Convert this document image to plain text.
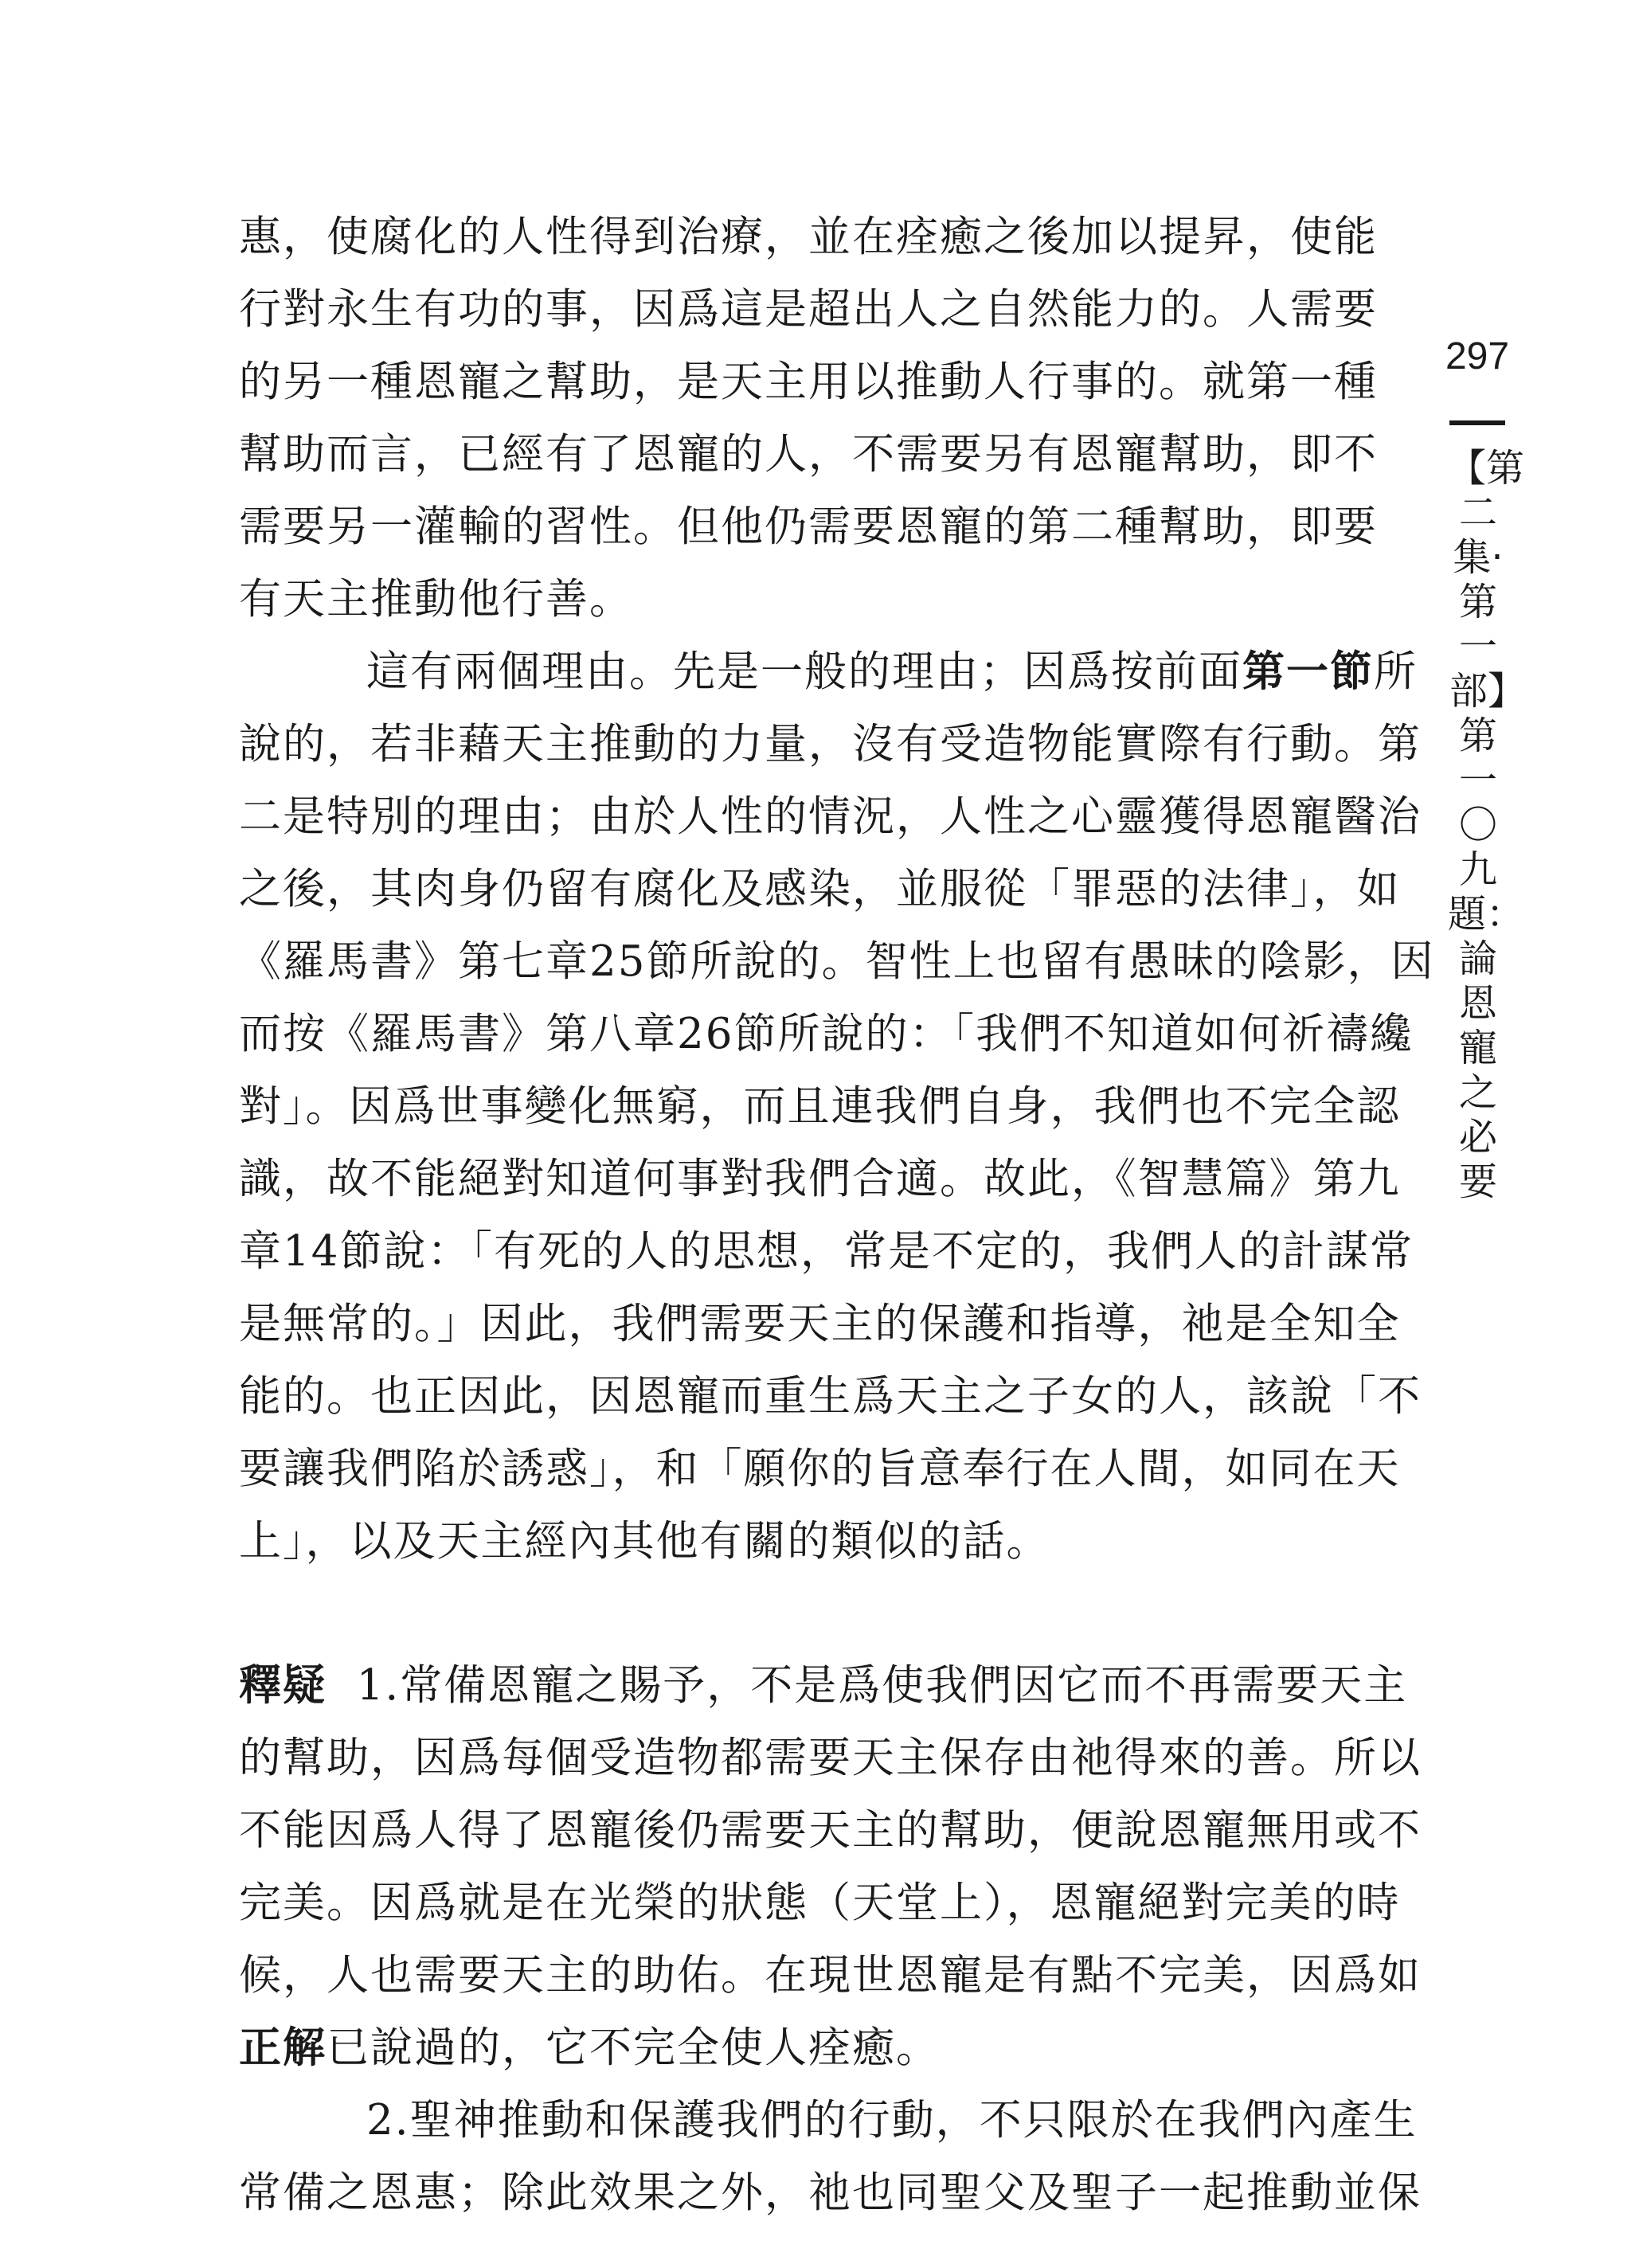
惠，使腐化的人性得到治療，並在痊癒之後加以提昇，使能
行對永生有功的事，因爲這是超出人之自然能力的。人需要
的另一種恩寵之幫助，是天主用以推動人行事的。就第一種
幫助而言，已經有了恩寵的人，不需要另有恩寵幫助，即不
需要另一灌輸的習性。但他仍需要恩寵的第二種幫助，即要
有天主推動他行善。

這有兩個理由。先是一般的理由；因爲按前面第一節所
說的，若非藉天主推動的力量，沒有受造物能實際有行動。第
二是特別的理由；由於人性的情況，人性之心靈獲得恩寵醫治
之後，其肉身仍留有腐化及感染，並服從「罪惡的法律」，如
《羅馬書》第七章25節所說的。智性上也留有愚昧的陰影，因
而按《羅馬書》第八章26節所說的：「我們不知道如何祈禱纔
對」。因爲世事變化無窮，而且連我們自身，我們也不完全認
識，故不能絕對知道何事對我們合適。故此，《智慧篇》第九
章14節說：「有死的人的思想，常是不定的，我們人的計謀常
是無常的。」因此，我們需要天主的保護和指導，祂是全知全
能的。也正因此，因恩寵而重生爲天主之子女的人，該說「不
要讓我們陷於誘惑」，和「願你的旨意奉行在人間，如同在天
上」，以及天主經內其他有關的類似的話。

釋疑 1.常備恩寵之賜予，不是爲使我們因它而不再需要天主
的幫助，因爲每個受造物都需要天主保存由祂得來的善。所以
不能因爲人得了恩寵後仍需要天主的幫助，便說恩寵無用或不
完美。因爲就是在光榮的狀態（天堂上），恩寵絕對完美的時
候，人也需要天主的助佑。在現世恩寵是有點不完美，因爲如
正解已說過的，它不完全使人痊癒。

2.聖神推動和保護我們的行動，不只限於在我們內產生
常備之恩惠；除此效果之外，祂也同聖父及聖子一起推動並保

297
【第二集·第一部】第一〇九題：論恩寵之必要
